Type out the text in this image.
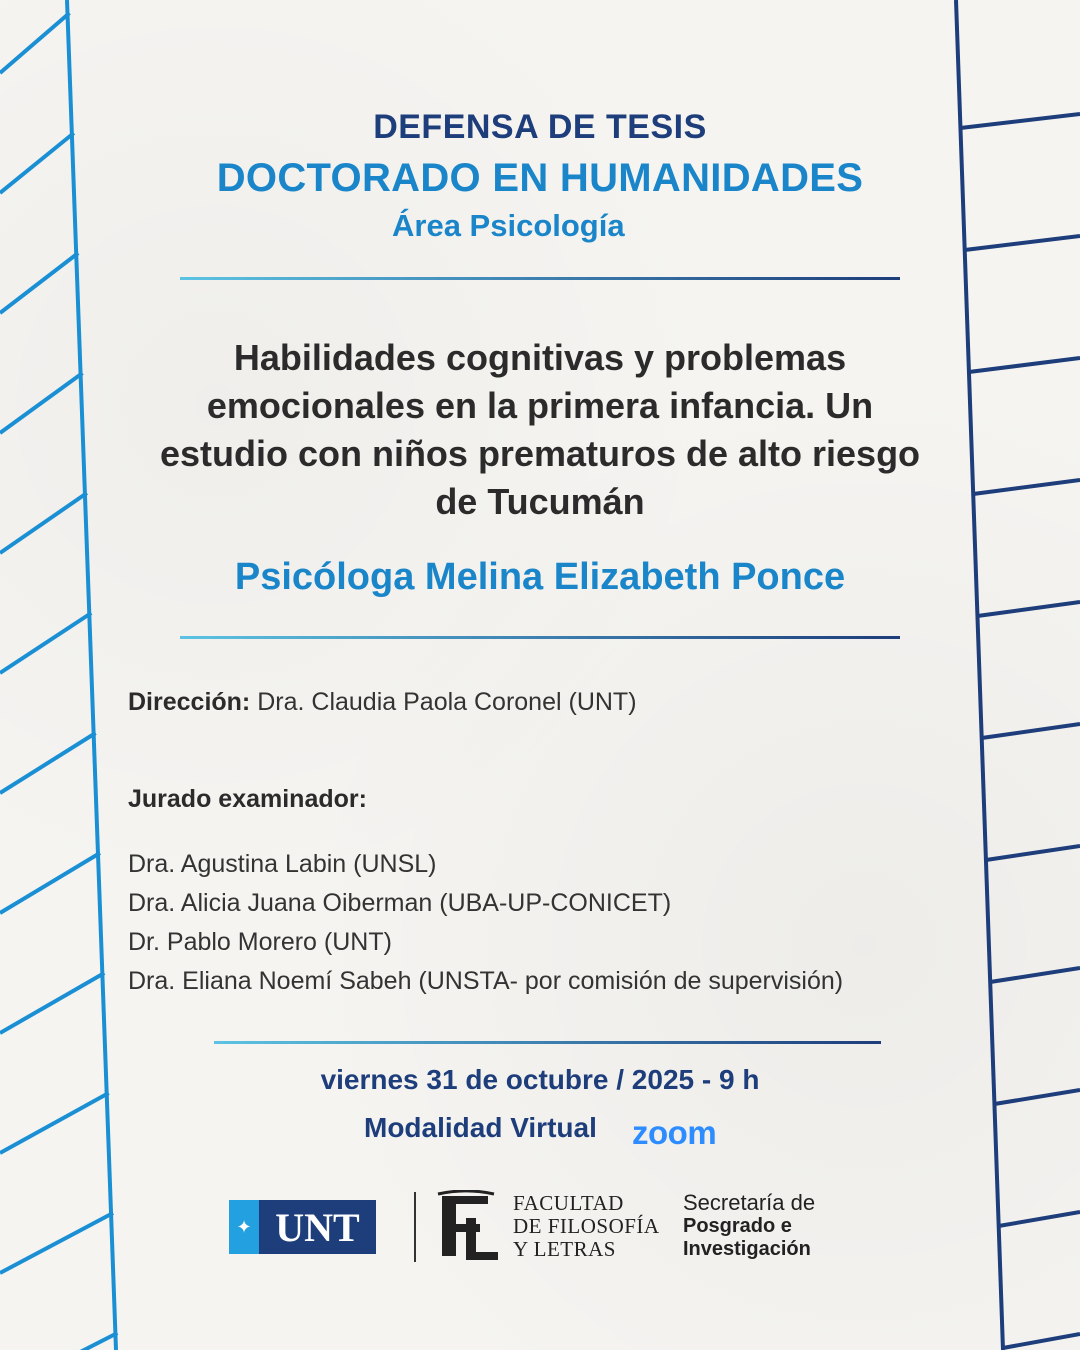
DEFENSA DE TESIS
DOCTORADO EN HUMANIDADES
Área Psicología
Habilidades cognitivas y problemas emocionales en la primera infancia. Un estudio con niños prematuros de alto riesgo de Tucumán
Psicóloga Melina Elizabeth Ponce
Dirección: Dra. Claudia Paola Coronel (UNT)
Jurado examinador:
Dra. Agustina Labin (UNSL)
Dra. Alicia Juana Oiberman (UBA-UP-CONICET)
Dr. Pablo Morero (UNT)
Dra. Eliana Noemí Sabeh (UNSTA- por comisión de supervisión)
viernes 31 de octubre / 2025 - 9 h
Modalidad Virtual zoom
✦ UNT
FACULTAD
DE FILOSOFÍA
Y LETRAS
Secretaría de
Posgrado e
Investigación
